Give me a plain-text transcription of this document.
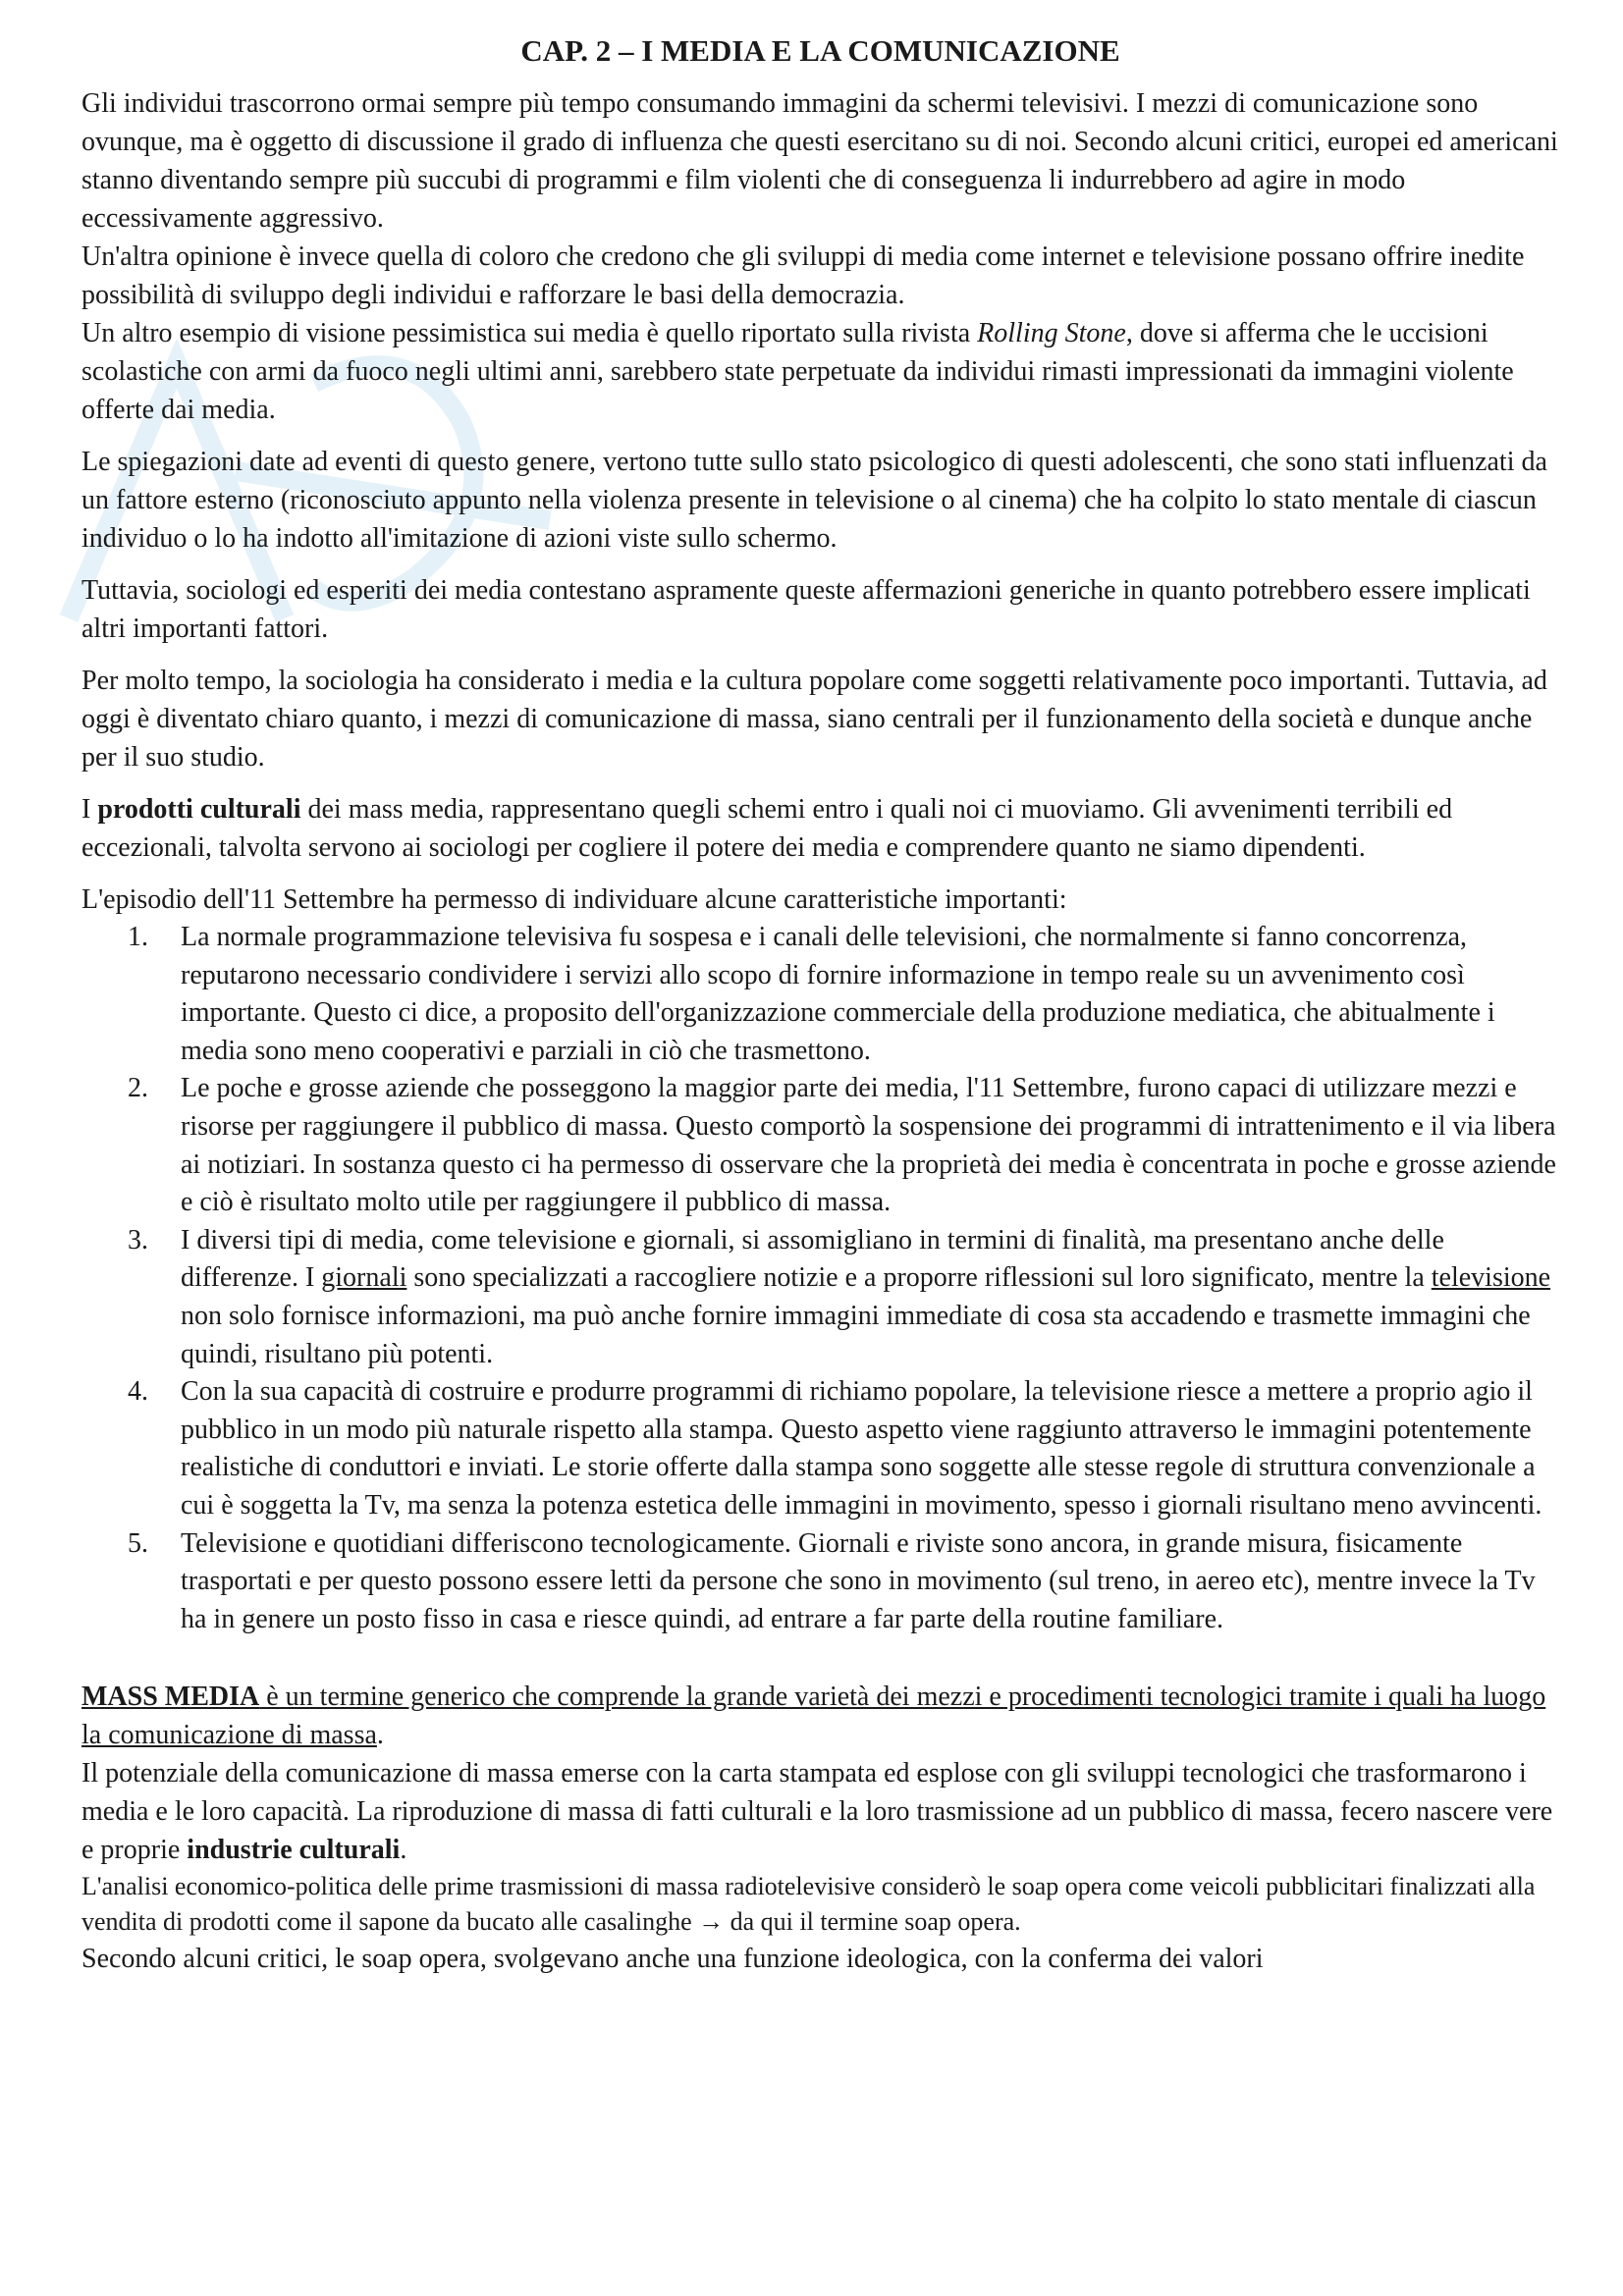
CAP. 2 – I MEDIA E LA COMUNICAZIONE

Gli individui trascorrono ormai sempre più tempo consumando immagini da schermi televisivi. I mezzi di comunicazione sono ovunque, ma è oggetto di discussione il grado di influenza che questi esercitano su di noi. Secondo alcuni critici, europei ed americani stanno diventando sempre più succubi di programmi e film violenti che di conseguenza li indurrebbero ad agire in modo eccessivamente aggressivo.

Un'altra opinione è invece quella di coloro che credono che gli sviluppi di media come internet e televisione possano offrire inedite possibilità di sviluppo degli individui e rafforzare le basi della democrazia.

Un altro esempio di visione pessimistica sui media è quello riportato sulla rivista Rolling Stone, dove si afferma che le uccisioni scolastiche con armi da fuoco negli ultimi anni, sarebbero state perpetuate da individui rimasti impressionati da immagini violente offerte dai media.

Le spiegazioni date ad eventi di questo genere, vertono tutte sullo stato psicologico di questi adolescenti, che sono stati influenzati da un fattore esterno (riconosciuto appunto nella violenza presente in televisione o al cinema) che ha colpito lo stato mentale di ciascun individuo o lo ha indotto all'imitazione di azioni viste sullo schermo.

Tuttavia, sociologi ed esperiti dei media contestano aspramente queste affermazioni generiche in quanto potrebbero essere implicati altri importanti fattori.

Per molto tempo, la sociologia ha considerato i media e la cultura popolare come soggetti relativamente poco importanti. Tuttavia, ad oggi è diventato chiaro quanto, i mezzi di comunicazione di massa, siano centrali per il funzionamento della società e dunque anche per il suo studio.

I prodotti culturali dei mass media, rappresentano quegli schemi entro i quali noi ci muoviamo. Gli avvenimenti terribili ed eccezionali, talvolta servono ai sociologi per cogliere il potere dei media e comprendere quanto ne siamo dipendenti.

L'episodio dell'11 Settembre ha permesso di individuare alcune caratteristiche importanti:

1. La normale programmazione televisiva fu sospesa e i canali delle televisioni, che normalmente si fanno concorrenza, reputarono necessario condividere i servizi allo scopo di fornire informazione in tempo reale su un avvenimento così importante. Questo ci dice, a proposito dell'organizzazione commerciale della produzione mediatica, che abitualmente i media sono meno cooperativi e parziali in ciò che trasmettono.
2. Le poche e grosse aziende che posseggono la maggior parte dei media, l'11 Settembre, furono capaci di utilizzare mezzi e risorse per raggiungere il pubblico di massa. Questo comportò la sospensione dei programmi di intrattenimento e il via libera ai notiziari. In sostanza questo ci ha permesso di osservare che la proprietà dei media è concentrata in poche e grosse aziende e ciò è risultato molto utile per raggiungere il pubblico di massa.
3. I diversi tipi di media, come televisione e giornali, si assomigliano in termini di finalità, ma presentano anche delle differenze. I giornali sono specializzati a raccogliere notizie e a proporre riflessioni sul loro significato, mentre la televisione non solo fornisce informazioni, ma può anche fornire immagini immediate di cosa sta accadendo e trasmette immagini che quindi, risultano più potenti.
4. Con la sua capacità di costruire e produrre programmi di richiamo popolare, la televisione riesce a mettere a proprio agio il pubblico in un modo più naturale rispetto alla stampa. Questo aspetto viene raggiunto attraverso le immagini potentemente realistiche di conduttori e inviati. Le storie offerte dalla stampa sono soggette alle stesse regole di struttura convenzionale a cui è soggetta la Tv, ma senza la potenza estetica delle immagini in movimento, spesso i giornali risultano meno avvincenti.
5. Televisione e quotidiani differiscono tecnologicamente. Giornali e riviste sono ancora, in grande misura, fisicamente trasportati e per questo possono essere letti da persone che sono in movimento (sul treno, in aereo etc), mentre invece la Tv ha in genere un posto fisso in casa e riesce quindi, ad entrare a far parte della routine familiare.

MASS MEDIA è un termine generico che comprende la grande varietà dei mezzi e procedimenti tecnologici tramite i quali ha luogo la comunicazione di massa.

Il potenziale della comunicazione di massa emerse con la carta stampata ed esplose con gli sviluppi tecnologici che trasformarono i media e le loro capacità. La riproduzione di massa di fatti culturali e la loro trasmissione ad un pubblico di massa, fecero nascere vere e proprie industrie culturali.

L'analisi economico-politica delle prime trasmissioni di massa radiotelevisive considerò le soap opera come veicoli pubblicitari finalizzati alla vendita di prodotti come il sapone da bucato alle casalinghe → da qui il termine soap opera.

Secondo alcuni critici, le soap opera, svolgevano anche una funzione ideologica, con la conferma dei valori
